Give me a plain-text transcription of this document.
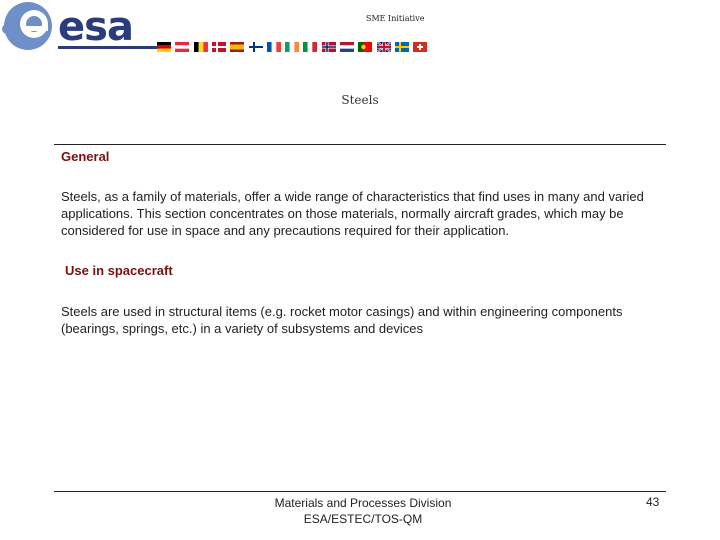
esa	SME Initiative
Steels
General
Steels, as a family of materials, offer a wide range of characteristics that find uses in many and varied applications. This section concentrates on those materials, normally aircraft grades, which may be considered for use in space and any precautions required for their application.
Use in spacecraft
Steels are used in structural items (e.g. rocket motor casings) and within engineering components (bearings, springs, etc.) in a variety of subsystems and devices
Materials and Processes Division
ESA/ESTEC/TOS-QM
43
